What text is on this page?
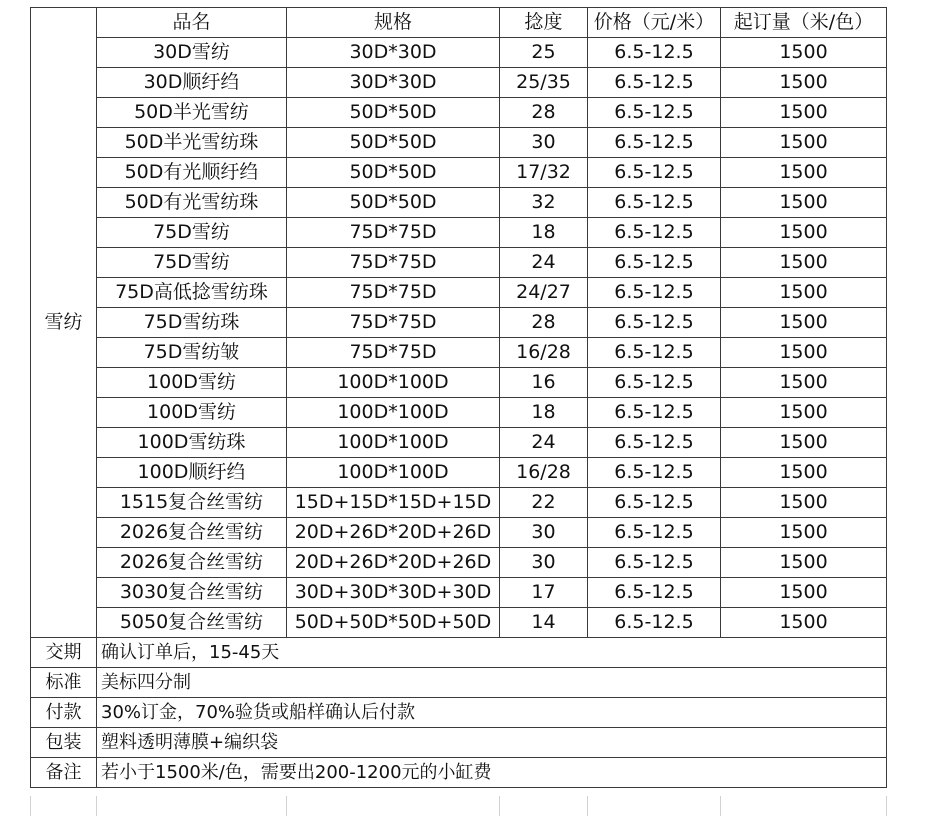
雪纺	品名	规格	捻度	价格（元/米）	起订量（米/色）
	30D雪纺	30D*30D	25	6.5-12.5	1500
	30D顺纡绉	30D*30D	25/35	6.5-12.5	1500
	50D半光雪纺	50D*50D	28	6.5-12.5	1500
	50D半光雪纺珠	50D*50D	30	6.5-12.5	1500
	50D有光顺纡绉	50D*50D	17/32	6.5-12.5	1500
	50D有光雪纺珠	50D*50D	32	6.5-12.5	1500
	75D雪纺	75D*75D	18	6.5-12.5	1500
	75D雪纺	75D*75D	24	6.5-12.5	1500
	75D高低捻雪纺珠	75D*75D	24/27	6.5-12.5	1500
	75D雪纺珠	75D*75D	28	6.5-12.5	1500
	75D雪纺皱	75D*75D	16/28	6.5-12.5	1500
	100D雪纺	100D*100D	16	6.5-12.5	1500
	100D雪纺	100D*100D	18	6.5-12.5	1500
	100D雪纺珠	100D*100D	24	6.5-12.5	1500
	100D顺纡绉	100D*100D	16/28	6.5-12.5	1500
	1515复合丝雪纺	15D+15D*15D+15D	22	6.5-12.5	1500
	2026复合丝雪纺	20D+26D*20D+26D	30	6.5-12.5	1500
	2026复合丝雪纺	20D+26D*20D+26D	30	6.5-12.5	1500
	3030复合丝雪纺	30D+30D*30D+30D	17	6.5-12.5	1500
	5050复合丝雪纺	50D+50D*50D+50D	14	6.5-12.5	1500
交期	确认订单后，15-45天				
标准	美标四分制				
付款	30%订金，70%验货或船样确认后付款				
包装	塑料透明薄膜+编织袋				
备注	若小于1500米/色，需要出200-1200元的小缸费				
